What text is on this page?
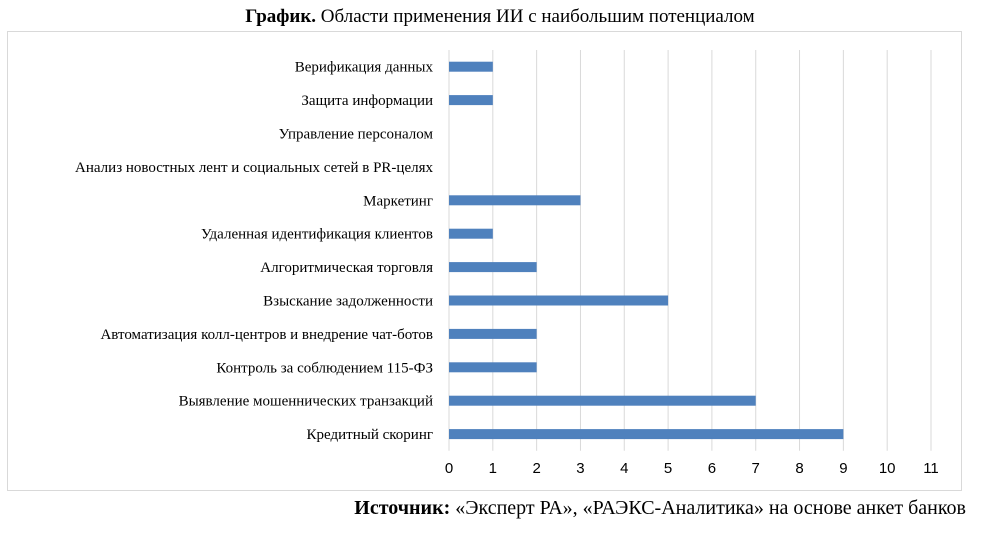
График. Области применения ИИ с наибольшим потенциалом
0 1 2 3 4 5 6 7 8 9 10 11
Верификация данных
Защита информации
Управление персоналом
Анализ новостных лент и социальных сетей в PR-целях
Маркетинг
Удаленная идентификация клиентов
Алгоритмическая торговля
Взыскание задолженности
Автоматизация колл-центров и внедрение чат-ботов
Контроль за соблюдением 115-ФЗ
Выявление мошеннических транзакций
Кредитный скоринг
Источник: «Эксперт РА», «РАЭКС-Аналитика» на основе анкет банков
